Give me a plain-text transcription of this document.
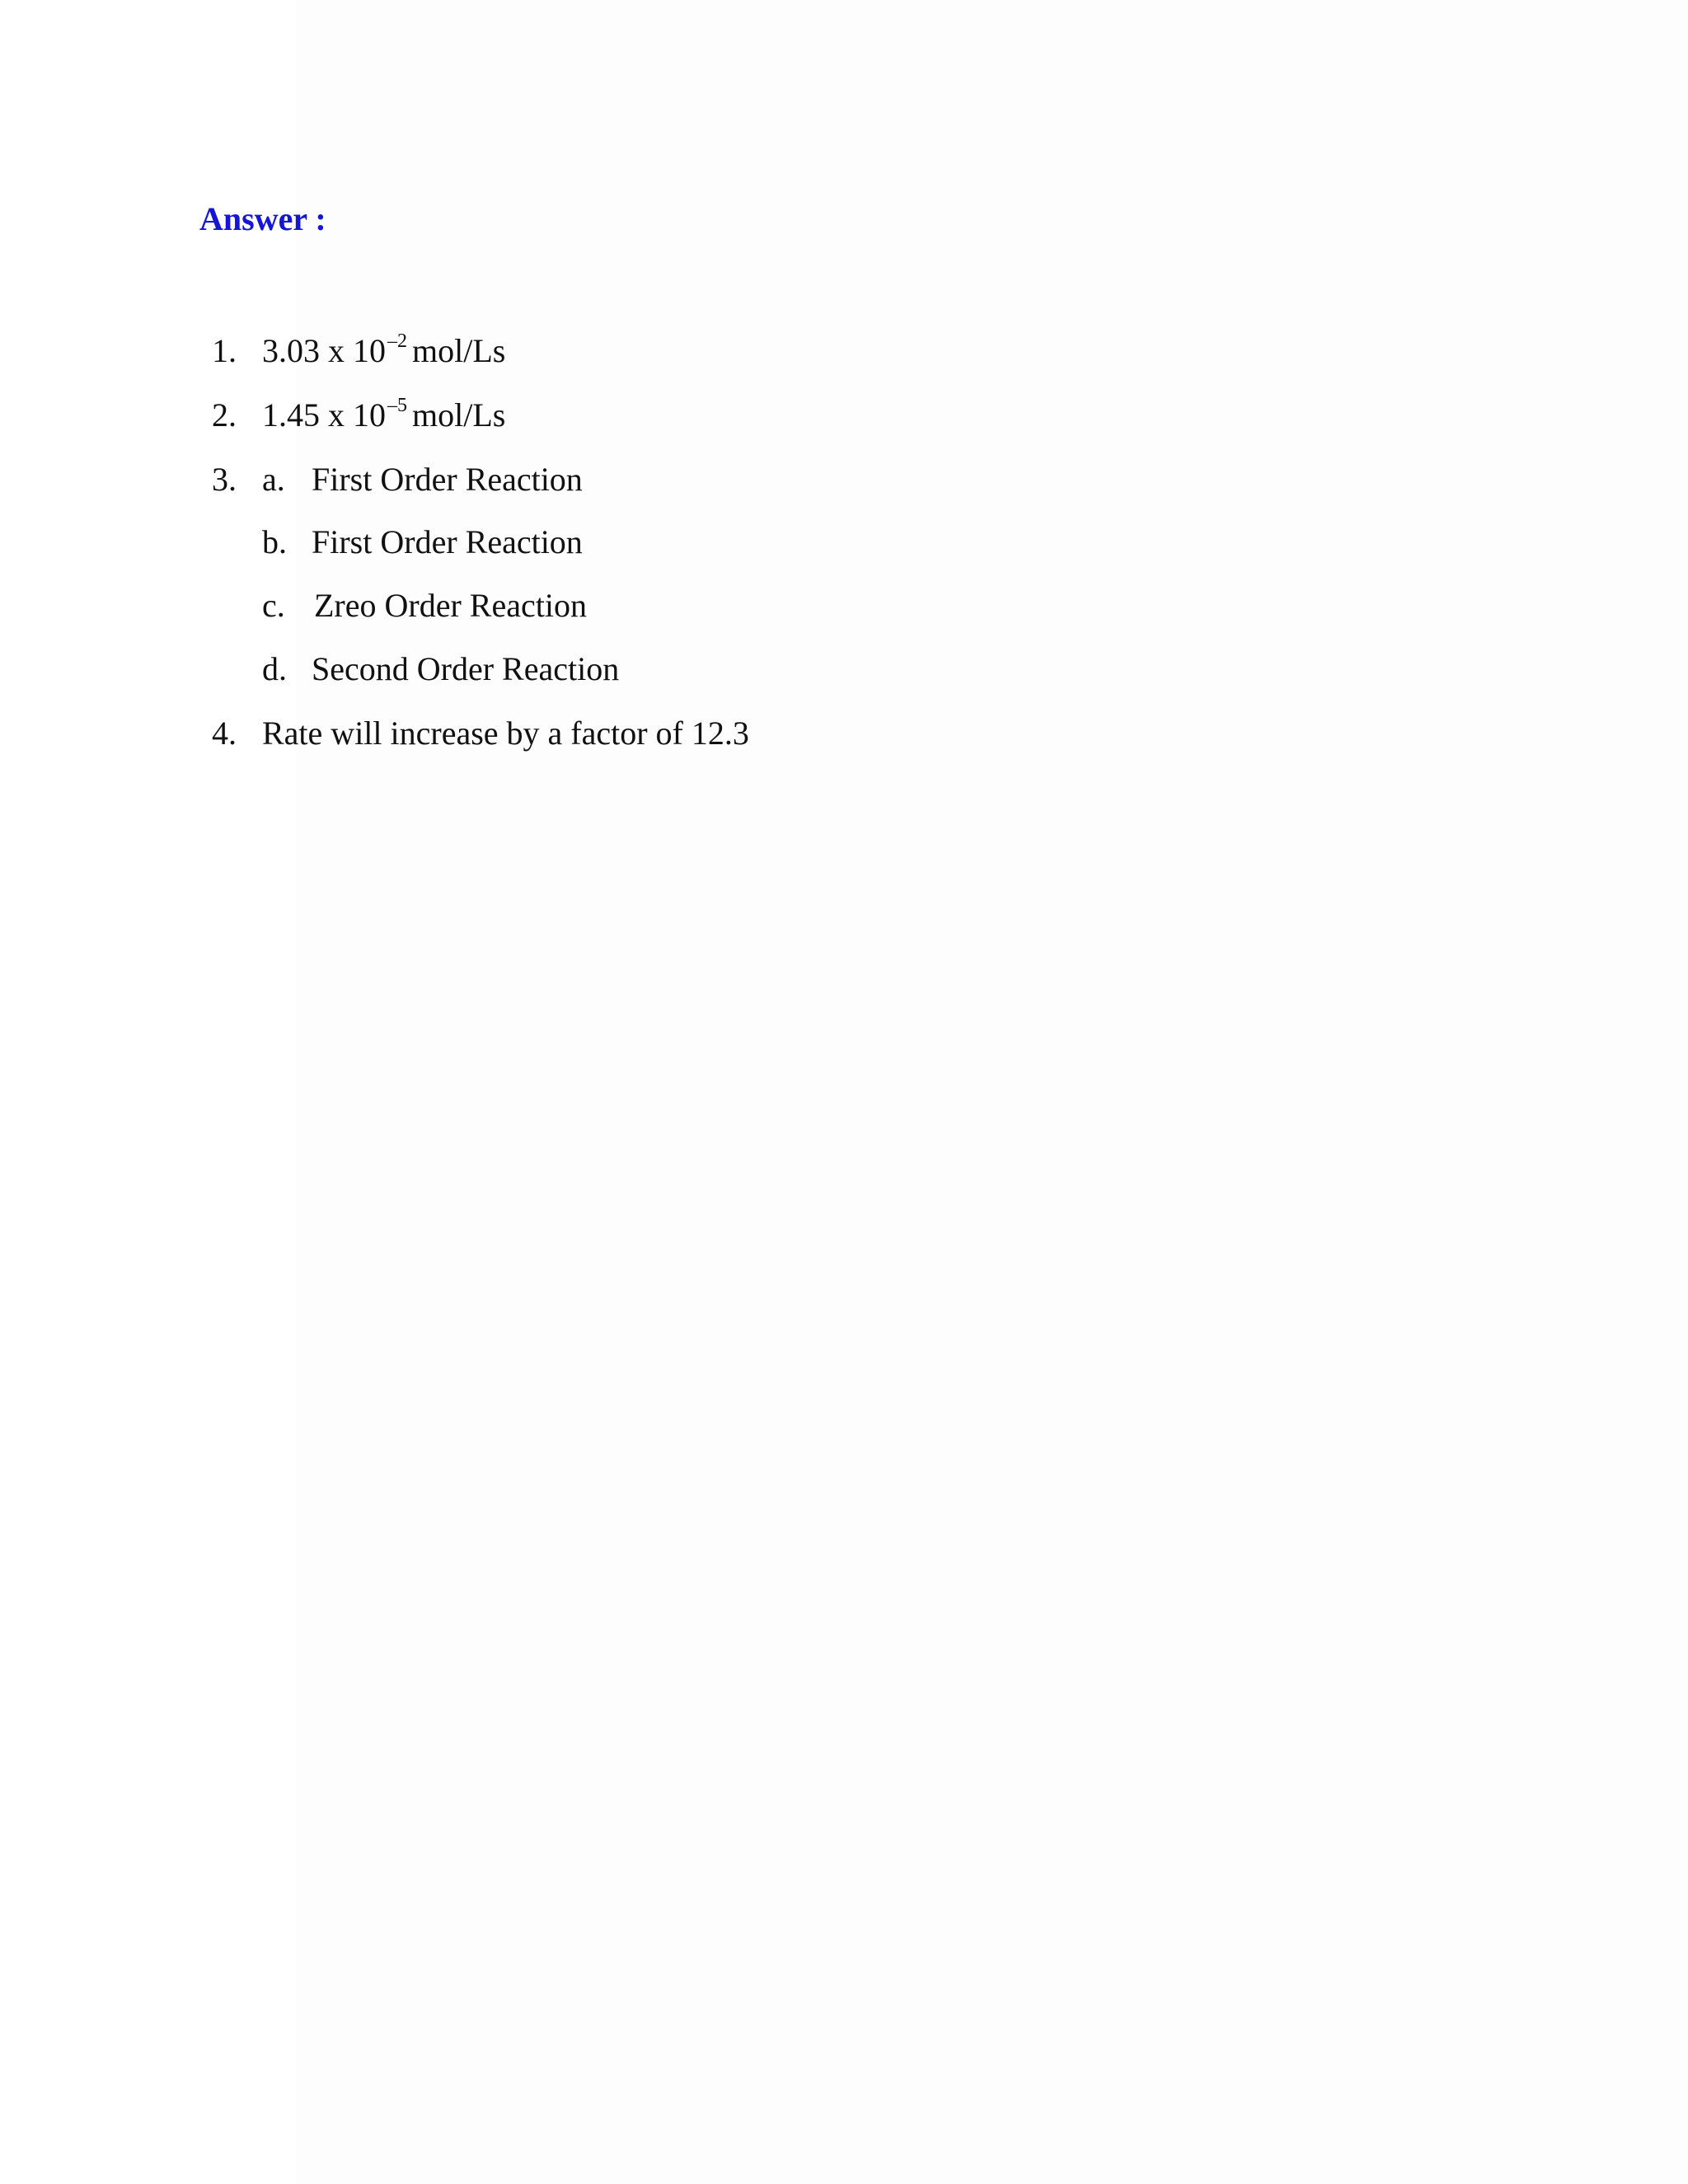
Answer :
1. 3.03 x $10^{-2}$ mol/Ls
2. 1.45 x $10^{-5}$ mol/Ls
3. a. First Order Reaction
b. First Order Reaction
c. Zreo Order Reaction
d. Second Order Reaction
4. Rate will increase by a factor of 12.3
